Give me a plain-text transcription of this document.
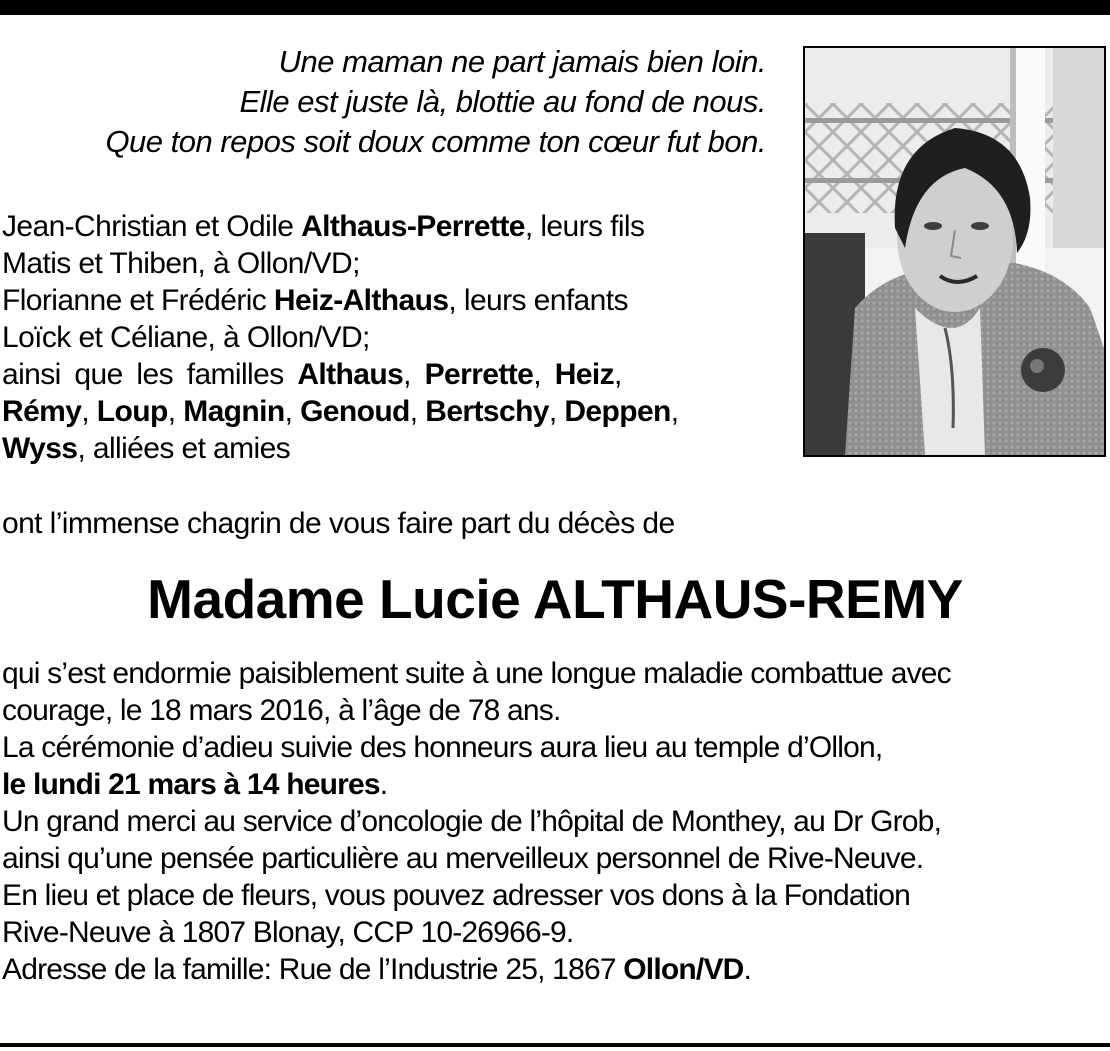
Une maman ne part jamais bien loin.
Elle est juste là, blottie au fond de nous.
Que ton repos soit doux comme ton cœur fut bon.
Jean-Christian et Odile Althaus-Perrette, leurs fils
Matis et Thiben, à Ollon/VD;
Florianne et Frédéric Heiz-Althaus, leurs enfants
Loïck et Céliane, à Ollon/VD;
ainsi que les familles Althaus , Perrette , Heiz ,
Rémy , Loup , Magnin , Genoud , Bertschy , Deppen ,
Wyss , alliées et amies
ont l’immense chagrin de vous faire part du décès de
Madame Lucie ALTHAUS-REMY
qui s’est endormie paisiblement suite à une longue maladie combattue avec
courage, le 18 mars 2016, à l’âge de 78 ans.
La cérémonie d’adieu suivie des honneurs aura lieu au temple d’Ollon,
le lundi 21 mars à 14 heures .
Un grand merci au service d’oncologie de l’hôpital de Monthey, au Dr Grob,
ainsi qu’une pensée particulière au merveilleux personnel de Rive-Neuve.
En lieu et place de fleurs, vous pouvez adresser vos dons à la Fondation
Rive-Neuve à 1807 Blonay, CCP 10-26966-9.
Adresse de la famille: Rue de l’Industrie 25, 1867 Ollon/VD .
